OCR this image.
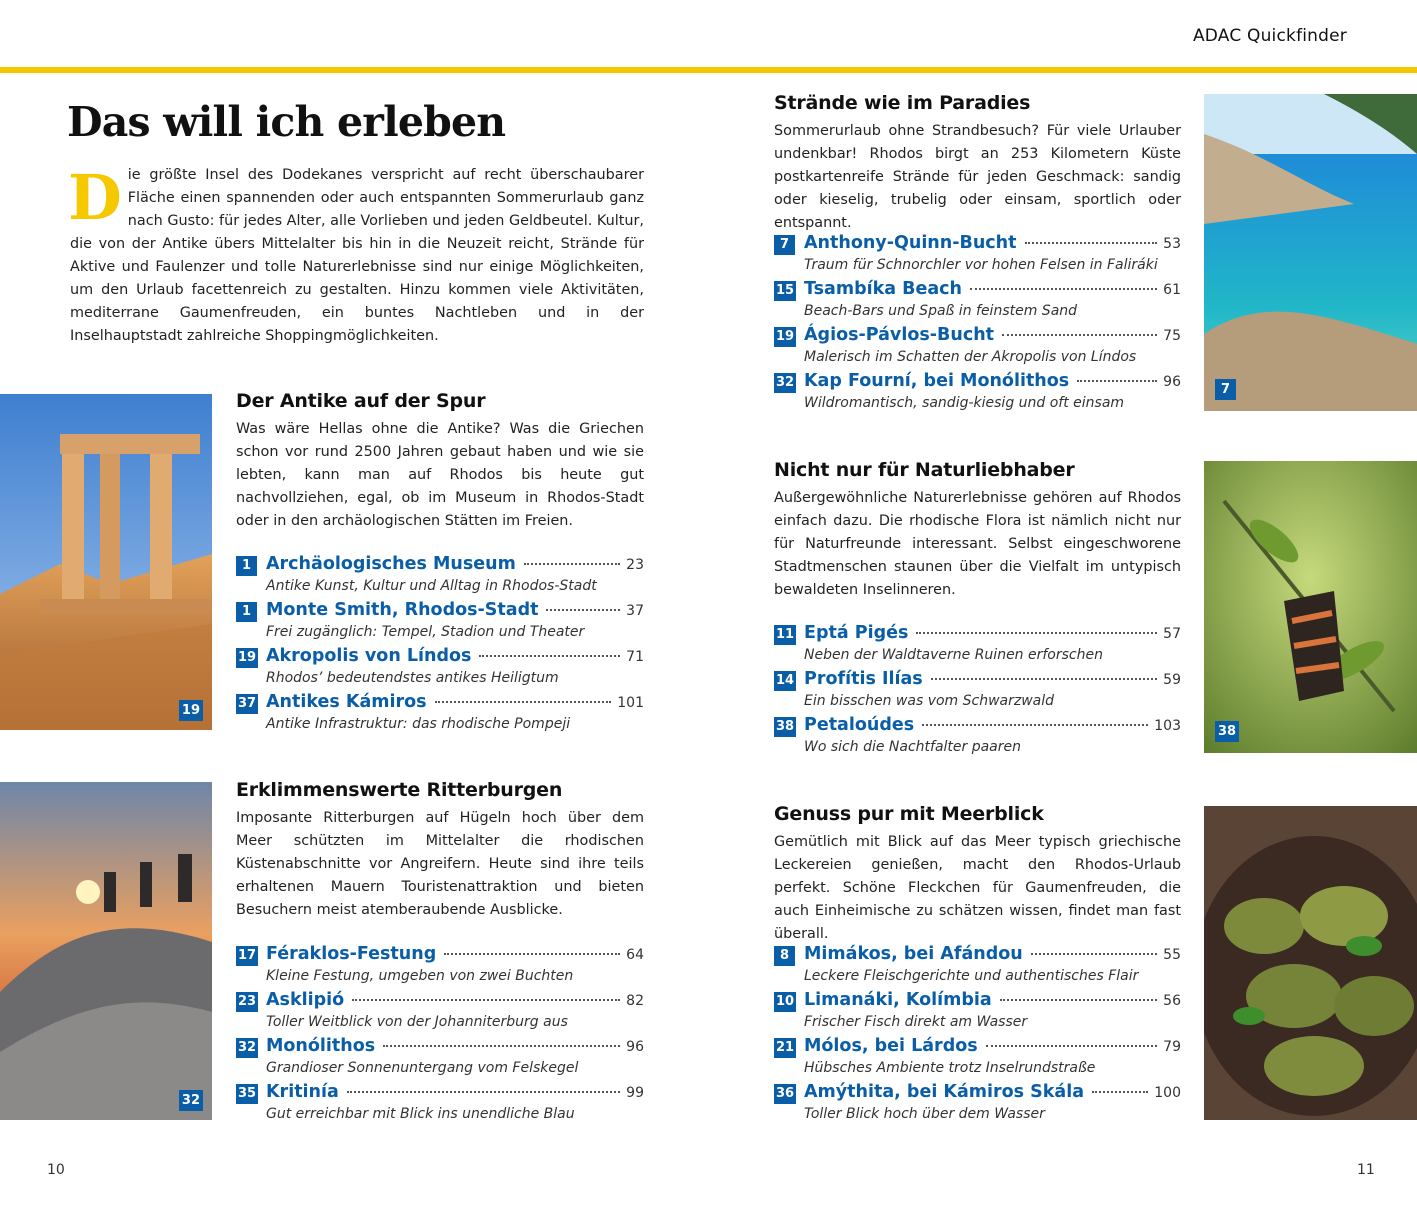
ADAC Quickfinder
Das will ich erleben
Die größte Insel des Dodekanes verspricht auf recht überschaubarer Fläche einen spannenden oder auch entspannten Sommerurlaub ganz nach Gusto: für jedes Alter, alle Vorlieben und jeden Geldbeutel. Kultur, die von der Antike übers Mittelalter bis hin in die Neuzeit reicht, Strände für Aktive und Faulenzer und tolle Naturerlebnisse sind nur einige Möglichkeiten, um den Urlaub facettenreich zu gestalten. Hinzu kommen viele Aktivitäten, mediterrane Gaumenfreuden, ein buntes Nachtleben und in der Inselhauptstadt zahlreiche Shoppingmöglichkeiten.
19
32
7
38
Der Antike auf der Spur

Was wäre Hellas ohne die Antike? Was die Griechen schon vor rund 2500 Jahren gebaut haben und wie sie lebten, kann man auf Rhodos bis heute gut nachvollziehen, egal, ob im Museum in Rhodos-Stadt oder in den archäologischen Stätten im Freien.

1 Archäologisches Museum	23
Antike Kunst, Kultur und Alltag in Rhodos-Stadt
1 Monte Smith, Rhodos-Stadt	37
Frei zugänglich: Tempel, Stadion und Theater
19 Akropolis von Líndos	71
Rhodos’ bedeutendstes antikes Heiligtum
37 Antikes Kámiros	101
Antike Infrastruktur: das rhodische Pompeji
Erklimmenswerte Ritterburgen

Imposante Ritterburgen auf Hügeln hoch über dem Meer schützten im Mittelalter die rhodischen Küstenabschnitte vor Angreifern. Heute sind ihre teils erhaltenen Mauern Touristenattraktion und bieten Besuchern meist atemberaubende Ausblicke.

17 Féraklos-Festung	64
Kleine Festung, umgeben von zwei Buchten
23 Asklipió	82
Toller Weitblick von der Johanniterburg aus
32 Monólithos	96
Grandioser Sonnenuntergang vom Felskegel
35 Kritinía	99
Gut erreichbar mit Blick ins unendliche Blau
Strände wie im Paradies

Sommerurlaub ohne Strandbesuch? Für viele Urlauber undenkbar! Rhodos birgt an 253 Kilometern Küste postkartenreife Strände für jeden Geschmack: sandig oder kieselig, trubelig oder einsam, sportlich oder entspannt.

7 Anthony-Quinn-Bucht	53
Traum für Schnorchler vor hohen Felsen in Faliráki
15 Tsambíka Beach	61
Beach-Bars und Spaß in feinstem Sand
19 Ágios-Pávlos-Bucht	75
Malerisch im Schatten der Akropolis von Líndos
32 Kap Fourní, bei Monólithos	96
Wildromantisch, sandig-kiesig und oft einsam
Nicht nur für Naturliebhaber

Außergewöhnliche Naturerlebnisse gehören auf Rhodos einfach dazu. Die rhodische Flora ist nämlich nicht nur für Naturfreunde interessant. Selbst eingeschworene Stadtmenschen staunen über die Vielfalt im untypisch bewaldeten Inselinneren.

11 Eptá Pigés	57
Neben der Waldtaverne Ruinen erforschen
14 Profítis Ilías	59
Ein bisschen was vom Schwarzwald
38 Petaloúdes	103
Wo sich die Nachtfalter paaren
Genuss pur mit Meerblick

Gemütlich mit Blick auf das Meer typisch griechische Leckereien genießen, macht den Rhodos-Urlaub perfekt. Schöne Fleckchen für Gaumenfreuden, die auch Einheimische zu schätzen wissen, findet man fast überall.

8 Mimákos, bei Afándou	55
Leckere Fleischgerichte und authentisches Flair
10 Limanáki, Kolímbia	56
Frischer Fisch direkt am Wasser
21 Mólos, bei Lárdos	79
Hübsches Ambiente trotz Inselrundstraße
36 Amýthita, bei Kámiros Skála	100
Toller Blick hoch über dem Wasser
10	11
